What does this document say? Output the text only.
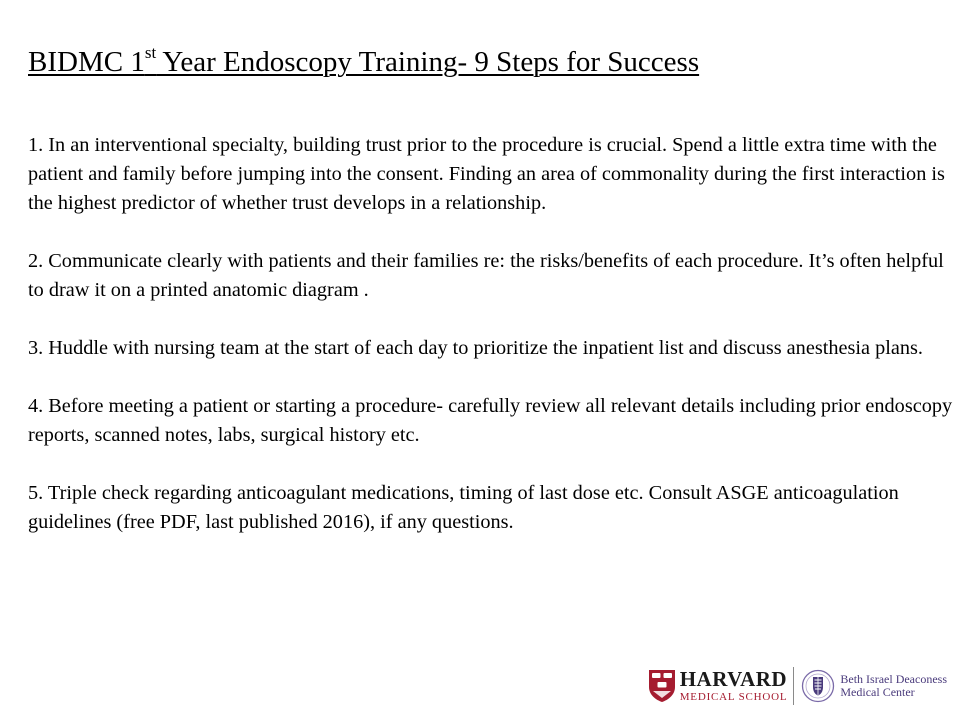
BIDMC 1st Year Endoscopy Training- 9 Steps for Success
1. In an interventional specialty, building trust prior to the procedure is crucial. Spend a little extra time with the patient and family before jumping into the consent. Finding an area of commonality during the first interaction is the highest predictor of whether trust develops in a relationship.
2. Communicate clearly with patients and their families re: the risks/benefits of each procedure. It’s often helpful to draw it on a printed anatomic diagram .
3. Huddle with nursing team at the start of each day to prioritize the inpatient list and discuss anesthesia plans.
4. Before meeting a patient or starting a procedure- carefully review all relevant details including prior endoscopy reports, scanned notes, labs, surgical history etc.
5. Triple check regarding anticoagulant medications, timing of last dose etc. Consult ASGE anticoagulation guidelines (free PDF, last published 2016), if any questions.
HARVARD
MEDICAL SCHOOL
Beth Israel Deaconess
Medical Center
